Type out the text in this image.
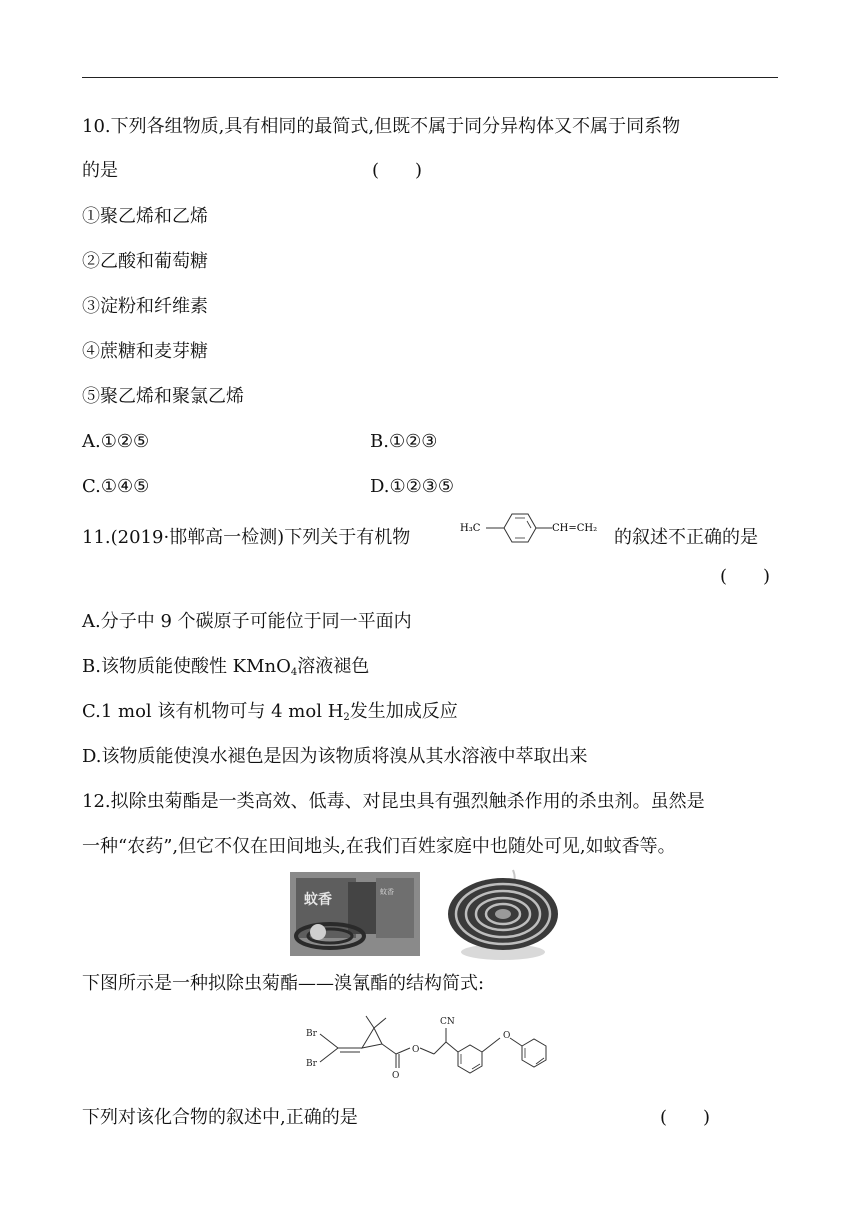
10.下列各组物质,具有相同的最简式,但既不属于同分异构体又不属于同系物
的是	(　　)
①聚乙烯和乙烯
②乙酸和葡萄糖
③淀粉和纤维素
④蔗糖和麦芽糖
⑤聚乙烯和聚氯乙烯
A.①②⑤	B.①②③
C.①④⑤	D.①②③⑤
11.(2019·邯郸高一检测)下列关于有机物	H₃C	CH=CH₂ 的叙述不正确的是
(　　)
A.分子中 9 个碳原子可能位于同一平面内
B.该物质能使酸性 KMnO$_4$溶液褪色
C.1 mol 该有机物可与 4 mol $H_2$发生加成反应
D.该物质能使溴水褪色是因为该物质将溴从其水溶液中萃取出来
12.拟除虫菊酯是一类高效、低毒、对昆虫具有强烈触杀作用的杀虫剂。虽然是
一种“农药”,但它不仅在田间地头,在我们百姓家庭中也随处可见,如蚊香等。
蚊香	蚊香
下图所示是一种拟除虫菊酯——溴氰酯的结构简式:
Br
Br
O
O
CN
O
下列对该化合物的叙述中,正确的是	(　　)
